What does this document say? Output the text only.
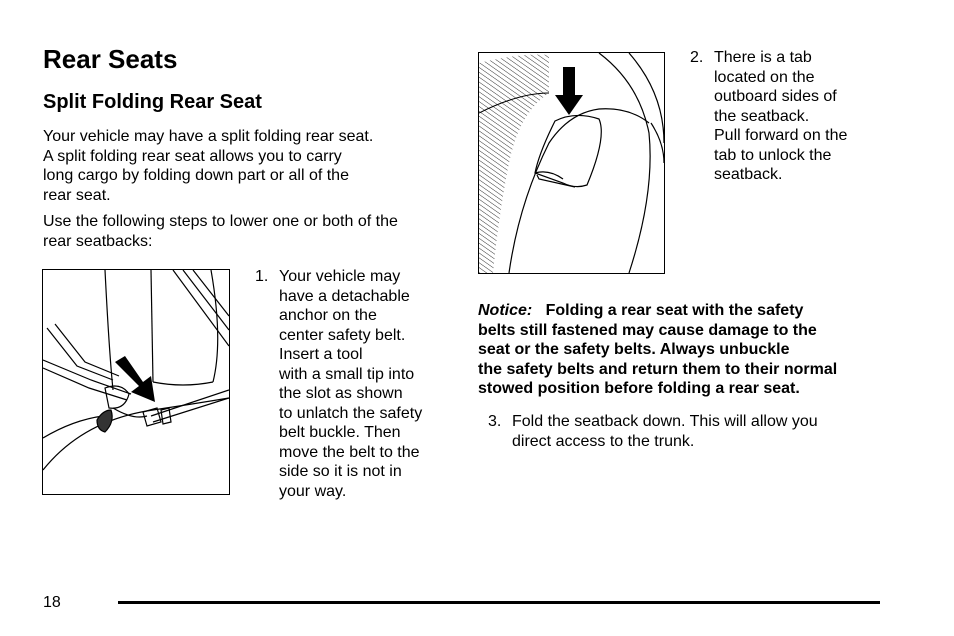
Rear Seats
Split Folding Rear Seat
Your vehicle may have a split folding rear seat.
A split folding rear seat allows you to carry
long cargo by folding down part or all of the
rear seat.
Use the following steps to lower one or both of the
rear seatbacks:
1. Your vehicle may
have a detachable
anchor on the
center safety belt.
Insert a tool
with a small tip into
the slot as shown
to unlatch the safety
belt buckle. Then
move the belt to the
side so it is not in
your way.
2. There is a tab
located on the
outboard sides of
the seatback.
Pull forward on the
tab to unlock the
seatback.
Notice: Folding a rear seat with the safety
belts still fastened may cause damage to the
seat or the safety belts. Always unbuckle
the safety belts and return them to their normal
stowed position before folding a rear seat.
3. Fold the seatback down. This will allow you
direct access to the trunk.
18
